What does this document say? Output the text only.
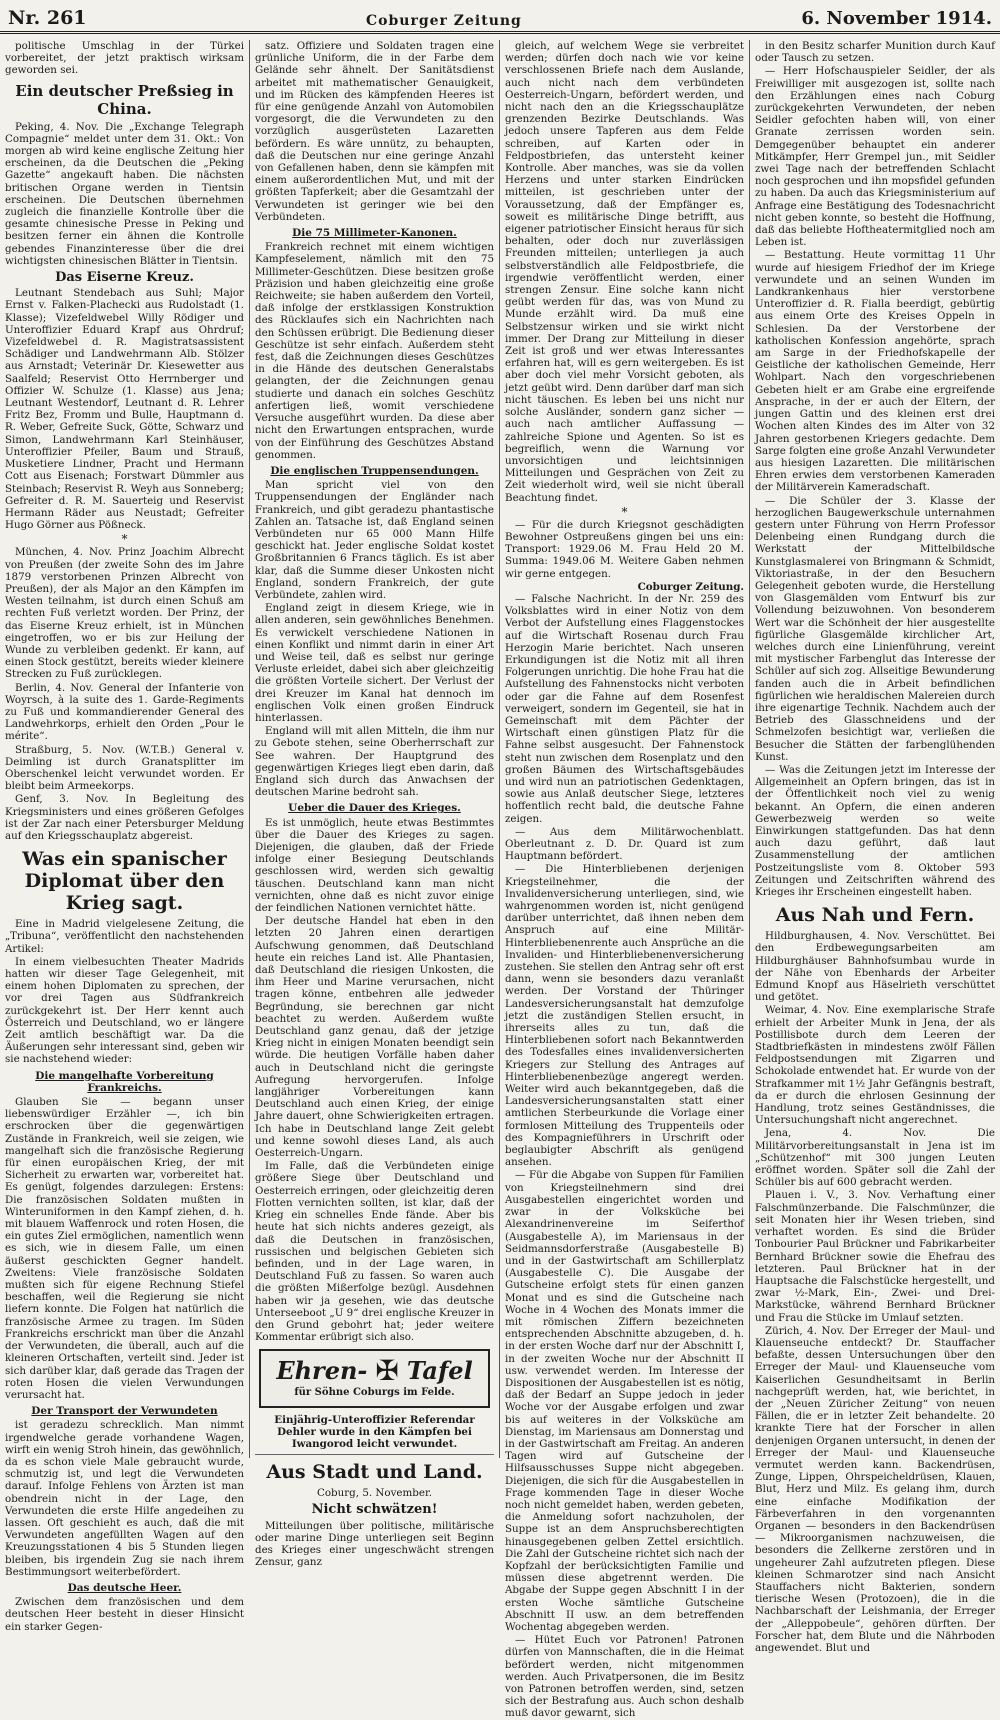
Nr. 261	Coburger Zeitung	6. November 1914.

politische Umschlag in der Türkei vorbereitet, der jetzt praktisch wirksam geworden sei.

Ein deutscher Preßsieg in China.

Peking, 4. Nov. Die „Exchange Telegraph Compagnie“ meldet unter dem 31. Okt.: Von morgen ab wird keine englische Zeitung hier erscheinen, da die Deutschen die „Peking Gazette“ angekauft haben. Die nächsten britischen Organe werden in Tientsin erscheinen. Die Deutschen übernehmen zugleich die finanzielle Kontrolle über die gesamte chinesische Presse in Peking und besitzen ferner ein ähnen die Kontrolle gebendes Finanzinteresse über die drei wichtigsten chinesischen Blätter in Tientsin.

Das Eiserne Kreuz.

Leutnant Stendebach aus Suhl; Major Ernst v. Falken-Plachecki aus Rudolstadt (1. Klasse); Vizefeldwebel Willy Rödiger und Unteroffizier Eduard Krapf aus Ohrdruf; Vizefeldwebel d. R. Magistratsassistent Schädiger und Landwehrmann Alb. Stölzer aus Arnstadt; Veterinär Dr. Kiesewetter aus Saalfeld; Reservist Otto Herrnberger und Offizier W. Schulze (1. Klasse) aus Jena; Leutnant Westendorf, Leutnant d. R. Lehrer Fritz Bez, Fromm und Bulle, Hauptmann d. R. Weber, Gefreite Suck, Götte, Schwarz und Simon, Landwehrmann Karl Steinhäuser, Unteroffizier Pfeiler, Baum und Strauß, Musketiere Lindner, Pracht und Hermann Cott aus Eisenach; Forstwart Dümmler aus Steinbach; Reservist R. Weyh aus Sonneberg; Gefreiter d. R. M. Sauerteig und Reservist Hermann Räder aus Neustadt; Gefreiter Hugo Görner aus Pößneck.

*

München, 4. Nov. Prinz Joachim Albrecht von Preußen (der zweite Sohn des im Jahre 1879 verstorbenen Prinzen Albrecht von Preußen), der als Major an den Kämpfen im Westen teilnahm, ist durch einen Schuß am rechten Fuß verletzt worden. Der Prinz, der das Eiserne Kreuz erhielt, ist in München eingetroffen, wo er bis zur Heilung der Wunde zu verbleiben gedenkt. Er kann, auf einen Stock gestützt, bereits wieder kleinere Strecken zu Fuß zurücklegen.

Berlin, 4. Nov. General der Infanterie von Woyrsch, à la suite des 1. Garde-Regiments zu Fuß und kommandierender General des Landwehrkorps, erhielt den Orden „Pour le mérite“.

Straßburg, 5. Nov. (W.T.B.) General v. Deimling ist durch Granatsplitter im Oberschenkel leicht verwundet worden. Er bleibt beim Armeekorps.

Genf, 3. Nov. In Begleitung des Kriegsministers und eines größeren Gefolges ist der Zar nach einer Petersburger Meldung auf den Kriegsschauplatz abgereist.

Was ein spanischer Diplomat über den Krieg sagt.

Eine in Madrid vielgelesene Zeitung, die „Tribuna“, veröffentlicht den nachstehenden Artikel:

In einem vielbesuchten Theater Madrids hatten wir dieser Tage Gelegenheit, mit einem hohen Diplomaten zu sprechen, der vor drei Tagen aus Südfrankreich zurückgekehrt ist. Der Herr kennt auch Österreich und Deutschland, wo er längere Zeit amtlich beschäftigt war. Da die Äußerungen sehr interessant sind, geben wir sie nachstehend wieder:

Die mangelhafte Vorbereitung Frankreichs.

Glauben Sie — begann unser liebenswürdiger Erzähler —, ich bin erschrocken über die gegenwärtigen Zustände in Frankreich, weil sie zeigen, wie mangelhaft sich die französische Regierung für einen europäischen Krieg, der mit Sicherheit zu erwarten war, vorbereitet hat. Es genügt, folgendes darzulegen: Erstens: Die französischen Soldaten mußten in Winteruniformen in den Kampf ziehen, d. h. mit blauem Waffenrock und roten Hosen, die ein gutes Ziel ermöglichen, namentlich wenn es sich, wie in diesem Falle, um einen äußerst geschickten Gegner handelt. Zweitens: Viele französische Soldaten mußten sich für eigene Rechnung Stiefel beschaffen, weil die Regierung sie nicht liefern konnte. Die Folgen hat natürlich die französische Armee zu tragen. Im Süden Frankreichs erschrickt man über die Anzahl der Verwundeten, die überall, auch auf die kleineren Ortschaften, verteilt sind. Jeder ist sich darüber klar, daß gerade das Tragen der roten Hosen die vielen Verwundungen verursacht hat.

Der Transport der Verwundeten

ist geradezu schrecklich. Man nimmt irgendwelche gerade vorhandene Wagen, wirft ein wenig Stroh hinein, das gewöhnlich, da es schon viele Male gebraucht wurde, schmutzig ist, und legt die Verwundeten darauf. Infolge Fehlens von Ärzten ist man obendrein nicht in der Lage, den Verwundeten die erste Hilfe angedeihen zu lassen. Oft geschieht es auch, daß die mit Verwundeten angefüllten Wagen auf den Kreuzungsstationen 4 bis 5 Stunden liegen bleiben, bis irgendein Zug sie nach ihrem Bestimmungsort weiterbefördert.

Das deutsche Heer.

Zwischen dem französischen und dem deutschen Heer besteht in dieser Hinsicht ein starker Gegen-

satz. Offiziere und Soldaten tragen eine grünliche Uniform, die in der Farbe dem Gelände sehr ähnelt. Der Sanitätsdienst arbeitet mit mathematischer Genauigkeit, und im Rücken des kämpfenden Heeres ist für eine genügende Anzahl von Automobilen vorgesorgt, die die Verwundeten zu den vorzüglich ausgerüsteten Lazaretten befördern. Es wäre unnütz, zu behaupten, daß die Deutschen nur eine geringe Anzahl von Gefallenen haben, denn sie kämpfen mit einem außerordentlichen Mut, und mit der größten Tapferkeit; aber die Gesamtzahl der Verwundeten ist geringer wie bei den Verbündeten.

Die 75 Millimeter-Kanonen.

Frankreich rechnet mit einem wichtigen Kampfeselement, nämlich mit den 75 Millimeter-Geschützen. Diese besitzen große Präzision und haben gleichzeitig eine große Reichweite; sie haben außerdem den Vorteil, daß infolge der erstklassigen Konstruktion des Rücklaufes sich ein Nachrichten nach den Schüssen erübrigt. Die Bedienung dieser Geschütze ist sehr einfach. Außerdem steht fest, daß die Zeichnungen dieses Geschützes in die Hände des deutschen Generalstabs gelangten, der die Zeichnungen genau studierte und danach ein solches Geschütz anfertigen ließ, womit verschiedene Versuche ausgeführt wurden. Da diese aber nicht den Erwartungen entsprachen, wurde von der Einführung des Geschützes Abstand genommen.

Die englischen Truppensendungen.

Man spricht viel von den Truppensendungen der Engländer nach Frankreich, und gibt geradezu phantastische Zahlen an. Tatsache ist, daß England seinen Verbündeten nur 65 000 Mann Hilfe geschickt hat. Jeder englische Soldat kostet Großbritannien 6 Francs täglich. Es ist aber klar, daß die Summe dieser Unkosten nicht England, sondern Frankreich, der gute Verbündete, zahlen wird.

England zeigt in diesem Kriege, wie in allen anderen, sein gewöhnliches Benehmen. Es verwickelt verschiedene Nationen in einen Konflikt und nimmt darin in einer Art und Weise teil, daß es selbst nur geringe Verluste erleidet, dabei sich aber gleichzeitig die größten Vorteile sichert. Der Verlust der drei Kreuzer im Kanal hat dennoch im englischen Volk einen großen Eindruck hinterlassen.

England will mit allen Mitteln, die ihm nur zu Gebote stehen, seine Oberherrschaft zur See wahren. Der Hauptgrund des gegenwärtigen Krieges liegt eben darin, daß England sich durch das Anwachsen der deutschen Marine bedroht sah.

Ueber die Dauer des Krieges.

Es ist unmöglich, heute etwas Bestimmtes über die Dauer des Krieges zu sagen. Diejenigen, die glauben, daß der Friede infolge einer Besiegung Deutschlands geschlossen wird, werden sich gewaltig täuschen. Deutschland kann man nicht vernichten, ohne daß es nicht zuvor einige der feindlichen Nationen vernichtet hätte.

Der deutsche Handel hat eben in den letzten 20 Jahren einen derartigen Aufschwung genommen, daß Deutschland heute ein reiches Land ist. Alle Phantasien, daß Deutschland die riesigen Unkosten, die ihm Heer und Marine verursachen, nicht tragen könne, entbehren alle jedweder Begründung, sie berechnen gar nicht beachtet zu werden. Außerdem wußte Deutschland ganz genau, daß der jetzige Krieg nicht in einigen Monaten beendigt sein würde. Die heutigen Vorfälle haben daher auch in Deutschland nicht die geringste Aufregung hervorgerufen. Infolge langjähriger Vorbereitungen kann Deutschland auch einen Krieg, der einige Jahre dauert, ohne Schwierigkeiten ertragen. Ich habe in Deutschland lange Zeit gelebt und kenne sowohl dieses Land, als auch Oesterreich-Ungarn.

Im Falle, daß die Verbündeten einige größere Siege über Deutschland und Oesterreich erringen, oder gleichzeitig deren Flotten vernichten sollten, ist klar, daß der Krieg ein schnelles Ende fände. Aber bis heute hat sich nichts anderes gezeigt, als daß die Deutschen in französischen, russischen und belgischen Gebieten sich befinden, und in der Lage waren, in Deutschland Fuß zu fassen. So waren auch die größten Mißerfolge bezügl. Ausdehnen haben wir ja gesehen, wie das deutsche Unterseeboot „U 9“ drei englische Kreuzer in den Grund gebohrt hat; jeder weitere Kommentar erübrigt sich also.

Ehren- ✠ Tafel
für Söhne Coburgs im Felde.
Einjährig-Unteroffizier Referendar Dehler wurde in den Kämpfen bei Iwangorod leicht verwundet.
Aus Stadt und Land.
Coburg, 5. November.
Nicht schwätzen!

Mitteilungen über politische, militärische oder marine Dinge unterliegen seit Beginn des Krieges einer ungeschwächt strengen Zensur, ganz

gleich, auf welchem Wege sie verbreitet werden; dürfen doch nach wie vor keine verschlossenen Briefe nach dem Auslande, auch nicht nach dem verbündeten Oesterreich-Ungarn, befördert werden, und nicht nach den an die Kriegsschauplätze grenzenden Bezirke Deutschlands. Was jedoch unsere Tapferen aus dem Felde schreiben, auf Karten oder in Feldpostbriefen, das untersteht keiner Kontrolle. Aber manches, was sie da vollen Herzens und unter starken Eindrücken mitteilen, ist geschrieben unter der Voraussetzung, daß der Empfänger es, soweit es militärische Dinge betrifft, aus eigener patriotischer Einsicht heraus für sich behalten, oder doch nur zuverlässigen Freunden mitteilen; unterliegen ja auch selbstverständlich alle Feldpostbriefe, die irgendwie veröffentlicht werden, einer strengen Zensur. Eine solche kann nicht geübt werden für das, was von Mund zu Munde erzählt wird. Da muß eine Selbstzensur wirken und sie wirkt nicht immer. Der Drang zur Mitteilung in dieser Zeit ist groß und wer etwas Interessantes erfahren hat, will es gern weitergeben. Es ist aber doch viel mehr Vorsicht geboten, als jetzt geübt wird. Denn darüber darf man sich nicht täuschen. Es leben bei uns nicht nur solche Ausländer, sondern ganz sicher — auch nach amtlicher Auffassung — zahlreiche Spione und Agenten. So ist es begreiflich, wenn die Warnung vor unvorsichtigen und leichtsinnigen Mitteilungen und Gesprächen von Zeit zu Zeit wiederholt wird, weil sie nicht überall Beachtung findet.

*

— Für die durch Kriegsnot geschädigten Bewohner Ostpreußens gingen bei uns ein: Transport: 1929.06 M. Frau Held 20 M. Summa: 1949.06 M. Weitere Gaben nehmen wir gerne entgegen.

Coburger Zeitung.

— Falsche Nachricht. In der Nr. 259 des Volksblattes wird in einer Notiz von dem Verbot der Aufstellung eines Flaggenstockes auf die Wirtschaft Rosenau durch Frau Herzogin Marie berichtet. Nach unseren Erkundigungen ist die Notiz mit all ihren Folgerungen unrichtig. Die hohe Frau hat die Aufstellung des Fahnenstocks nicht verboten oder gar die Fahne auf dem Rosenfest verweigert, sondern im Gegenteil, sie hat in Gemeinschaft mit dem Pächter der Wirtschaft einen günstigen Platz für die Fahne selbst ausgesucht. Der Fahnenstock steht nun zwischen dem Rosenplatz und den großen Bäumen des Wirtschaftsgebäudes und wird nun an patriotischen Gedenktagen, sowie aus Anlaß deutscher Siege, letzteres hoffentlich recht bald, die deutsche Fahne zeigen.

— Aus dem Militärwochenblatt. Oberleutnant z. D. Dr. Quard ist zum Hauptmann befördert.

— Die Hinterbliebenen derjenigen Kriegsteilnehmer, die der Invalidenversicherung unterliegen, sind, wie wahrgenommen worden ist, nicht genügend darüber unterrichtet, daß ihnen neben dem Anspruch auf eine Militär-Hinterbliebenenrente auch Ansprüche an die Invaliden- und Hinterbliebenenversicherung zustehen. Sie stellen den Antrag sehr oft erst dann, wenn sie besonders dazu veranlaßt werden. Der Vorstand der Thüringer Landesversicherungsanstalt hat demzufolge jetzt die zuständigen Stellen ersucht, in ihrerseits alles zu tun, daß die Hinterbliebenen sofort nach Bekanntwerden des Todesfalles eines invalidenversicherten Kriegers zur Stellung des Antrages auf Hinterbliebenenbezüge angeregt werden. Weiter wird auch bekanntgegeben, daß die Landesversicherungsanstalten statt einer amtlichen Sterbeurkunde die Vorlage einer formlosen Mitteilung des Truppenteils oder des Kompagnieführers in Urschrift oder beglaubigter Abschrift als genügend ansehen.

— Für die Abgabe von Suppen für Familien von Kriegsteilnehmern sind drei Ausgabestellen eingerichtet worden und zwar in der Volksküche bei Alexandrinenvereine im Seiferthof (Ausgabestelle A), im Mariensaus in der Seidmannsdorferstraße (Ausgabestelle B) und in der Gastwirtschaft am Schillerplatz (Ausgabestelle C). Die Ausgabe der Gutscheine erfolgt stets für einen ganzen Monat und es sind die Gutscheine nach Woche in 4 Wochen des Monats immer die mit römischen Ziffern bezeichneten entsprechenden Abschnitte abzugeben, d. h. in der ersten Woche darf nur der Abschnitt I, in der zweiten Woche nur der Abschnitt II usw. verwendet werden. Im Interesse der Dispositionen der Ausgabestellen ist es nötig, daß der Bedarf an Suppe jedoch in jeder Woche vor der Ausgabe erfolgen und zwar bis auf weiteres in der Volksküche am Dienstag, im Mariensaus am Donnerstag und in der Gastwirtschaft am Freitag. An anderen Tagen wird auf Gutscheine der Hilfsausschusses Suppe nicht abgegeben. Diejenigen, die sich für die Ausgabestellen in Frage kommenden Tage in dieser Woche noch nicht gemeldet haben, werden gebeten, die Anmeldung sofort nachzuholen, der Suppe ist an dem Anspruchsberechtigten hinausgegebenen gelben Zettel ersichtlich. Die Zahl der Gutscheine richtet sich nach der Kopfzahl der berücksichtigten Familie und müssen diese abgetrennt werden. Die Abgabe der Suppe gegen Abschnitt I in der ersten Woche sämtliche Gutscheine Abschnitt II usw. an dem betreffenden Wochentag abgegeben werden.

— Hütet Euch vor Patronen! Patronen dürfen von Mannschaften, die in die Heimat befördert werden, nicht mitgenommen werden. Auch Privatpersonen, die im Besitz von Patronen betroffen werden, sind, setzen sich der Bestrafung aus. Auch schon deshalb muß davor gewarnt, sich

in den Besitz scharfer Munition durch Kauf oder Tausch zu setzen.

— Herr Hofschauspieler Seidler, der als Freiwilliger mit ausgezogen ist, sollte nach den Erzählungen eines nach Coburg zurückgekehrten Verwundeten, der neben Seidler gefochten haben will, von einer Granate zerrissen worden sein. Demgegenüber behauptet ein anderer Mitkämpfer, Herr Grempel jun., mit Seidler zwei Tage nach der betreffenden Schlacht noch gesprochen und ihn mopsfidel gefunden zu haben. Da auch das Kriegsministerium auf Anfrage eine Bestätigung des Todesnachricht nicht geben konnte, so besteht die Hoffnung, daß das beliebte Hoftheatermitglied noch am Leben ist.

— Bestattung. Heute vormittag 11 Uhr wurde auf hiesigem Friedhof der im Kriege verwundete und an seinen Wunden im Landkrankenhaus hier verstorbene Unteroffizier d. R. Fialla beerdigt, gebürtig aus einem Orte des Kreises Oppeln in Schlesien. Da der Verstorbene der katholischen Konfession angehörte, sprach am Sarge in der Friedhofskapelle der Geistliche der katholischen Gemeinde, Herr Wohlpart. Nach den vorgeschriebenen Gebeten hielt er am Grabe eine ergreifende Ansprache, in der er auch der Eltern, der jungen Gattin und des kleinen erst drei Wochen alten Kindes des im Alter von 32 Jahren gestorbenen Kriegers gedachte. Dem Sarge folgten eine große Anzahl Verwundeter aus hiesigen Lazaretten. Die militärischen Ehren erwies dem verstorbenen Kameraden der Militärverein Kameradschaft.

— Die Schüler der 3. Klasse der herzoglichen Baugewerkschule unternahmen gestern unter Führung von Herrn Professor Delenbeing einen Rundgang durch die Werkstatt der Mittelbildsche Kunstglasmalerei von Bringmann & Schmidt, Viktoriastraße, in der den Besuchern Gelegenheit geboten wurde, die Herstellung von Glasgemälden vom Entwurf bis zur Vollendung beizuwohnen. Von besonderem Wert war die Schönheit der hier ausgestellte figürliche Glasgemälde kirchlicher Art, welches durch eine Linienführung, vereint mit mystischer Farbenglut das Interesse der Schüler auf sich zog. Allseitige Bewunderung fanden auch die in Arbeit befindlichen figürlichen wie heraldischen Malereien durch ihre eigenartige Technik. Nachdem auch der Betrieb des Glasschneidens und der Schmelzofen besichtigt war, verließen die Besucher die Stätten der farbenglühenden Kunst.

— Was die Zeitungen jetzt im Interesse der Allgemeinheit an Opfern bringen, das ist in der Öffentlichkeit noch viel zu wenig bekannt. An Opfern, die einen anderen Gewerbezweig werden so weite Einwirkungen stattgefunden. Das hat denn auch dazu geführt, daß laut Zusammenstellung der amtlichen Postzeitungsliste vom 8. Oktober 593 Zeitungen und Zeitschriften während des Krieges ihr Erscheinen eingestellt haben.

Aus Nah und Fern.

Hildburghausen, 4. Nov. Verschüttet. Bei den Erdbewegungsarbeiten am Hildburghäuser Bahnhofsumbau wurde in der Nähe von Ebenhards der Arbeiter Edmund Knopf aus Häselrieth verschüttet und getötet.

Weimar, 4. Nov. Eine exemplarische Strafe erhielt der Arbeiter Munk in Jena, der als Postillisbote durch dem Leeren der Stadtbriefkästen in mindestens zwölf Fällen Feldpostsendungen mit Zigarren und Schokolade entwendet hat. Er wurde von der Strafkammer mit 1½ Jahr Gefängnis bestraft, da er durch die ehrlosen Gesinnung der Handlung, trotz seines Geständnisses, die Untersuchungshaft nicht angerechnet.

Jena, 4. Nov. Die Militärvorbereitungsanstalt in Jena ist im „Schützenhof“ mit 300 jungen Leuten eröffnet worden. Später soll die Zahl der Schüler bis auf 600 gebracht werden.

Plauen i. V., 3. Nov. Verhaftung einer Falschmünzerbande. Die Falschmünzer, die seit Monaten hier ihr Wesen trieben, sind verhaftet worden. Es sind die Brüder Tonbourier Paul Brückner und Fabrikarbeiter Bernhard Brückner sowie die Ehefrau des letzteren. Paul Brückner hat in der Hauptsache die Falschstücke hergestellt, und zwar ½-Mark, Ein-, Zwei- und Drei-Markstücke, während Bernhard Brückner und Frau die Stücke im Umlauf setzten.

Zürich, 4. Nov. Der Erreger der Maul- und Klauenseuche entdeckt? Dr. Stauffacher befaßte, dessen Untersuchungen über den Erreger der Maul- und Klauenseuche vom Kaiserlichen Gesundheitsamt in Berlin nachgeprüft werden, hat, wie berichtet, in der „Neuen Züricher Zeitung“ von neuen Fällen, die er in letzter Zeit behandelte. 20 krankte Tiere hat der Forscher in allen denjenigen Organen untersucht, in denen der Erreger der Maul- und Klauenseuche vermutet werden kann. Backendrüsen, Zunge, Lippen, Ohrspeicheldrüsen, Klauen, Blut, Herz und Milz. Es gelang ihm, durch eine einfache Modifikation der Färbeverfahren in den vorgenannten Organen — besonders in den Backendrüsen — Mikroorganismen nachzuweisen, die besonders die Zellkerne zerstören und in ungeheurer Zahl aufzutreten pflegen. Diese kleinen Schmarotzer sind nach Ansicht Stauffachers nicht Bakterien, sondern tierische Wesen (Protozoen), die in die Nachbarschaft der Leishmania, der Erreger der „Alleppobeule“, gehören dürften. Der Forscher hat, dem Blute und die Nährboden angewendet. Blut und
